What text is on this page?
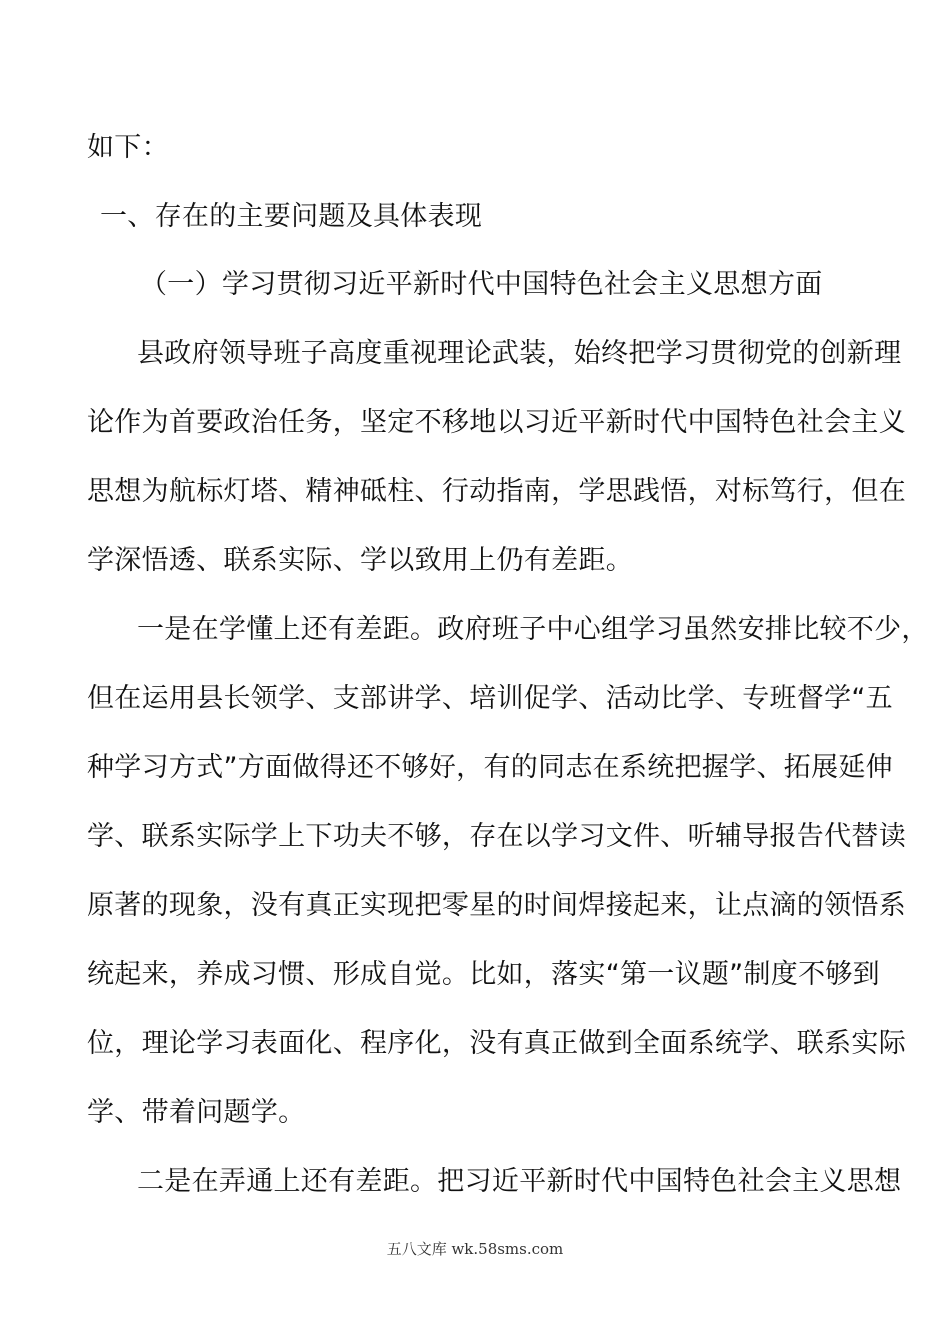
如下：
一、存在的主要问题及具体表现
（一）学习贯彻习近平新时代中国特色社会主义思想方面
县政府领导班子高度重视理论武装，始终把学习贯彻党的创新理
论作为首要政治任务，坚定不移地以习近平新时代中国特色社会主义
思想为航标灯塔、精神砥柱、行动指南，学思践悟，对标笃行，但在
学深悟透、联系实际、学以致用上仍有差距。
一是在学懂上还有差距。政府班子中心组学习虽然安排比较不少，
但在运用县长领学、支部讲学、培训促学、活动比学、专班督学“五
种学习方式”方面做得还不够好，有的同志在系统把握学、拓展延伸
学、联系实际学上下功夫不够，存在以学习文件、听辅导报告代替读
原著的现象，没有真正实现把零星的时间焊接起来，让点滴的领悟系
统起来，养成习惯、形成自觉。比如，落实“第一议题”制度不够到
位，理论学习表面化、程序化，没有真正做到全面系统学、联系实际
学、带着问题学。
二是在弄通上还有差距。把习近平新时代中国特色社会主义思想
五八文库 wk.58sms.com
